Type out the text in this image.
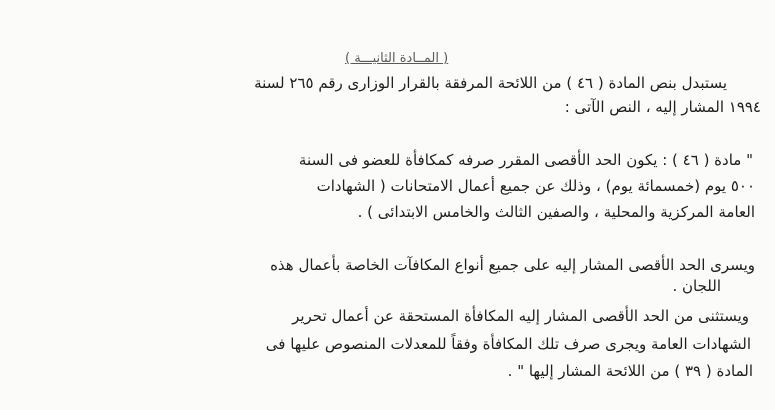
( المــادة الثانيـــة )
يستبدل بنص المادة ( ٤٦ ) من اللائحة المرفقة بالقرار الوزارى رقم ٢٦٥ لسنة
١٩٩٤ المشار إليه ، النص الآتى :
" مادة ( ٤٦ ) : يكون الحد الأقصى المقرر صرفه كمكافأة للعضو فى السنة
٥٠٠ يوم (خمسمائة يوم) ، وذلك عن جميع أعمال الامتحانات ( الشهادات
العامة المركزية والمحلية ، والصفين الثالث والخامس الابتدائى ) .
ويسرى الحد الأقصى المشار إليه على جميع أنواع المكافآت الخاصة بأعمال هذه
اللجان .
ويستثنى من الحد الأقصى المشار إليه المكافأة المستحقة عن أعمال تحرير
الشهادات العامة ويجرى صرف تلك المكافأة وفقاً للمعدلات المنصوص عليها فى
المادة ( ٣٩ ) من اللائحة المشار إليها " .
